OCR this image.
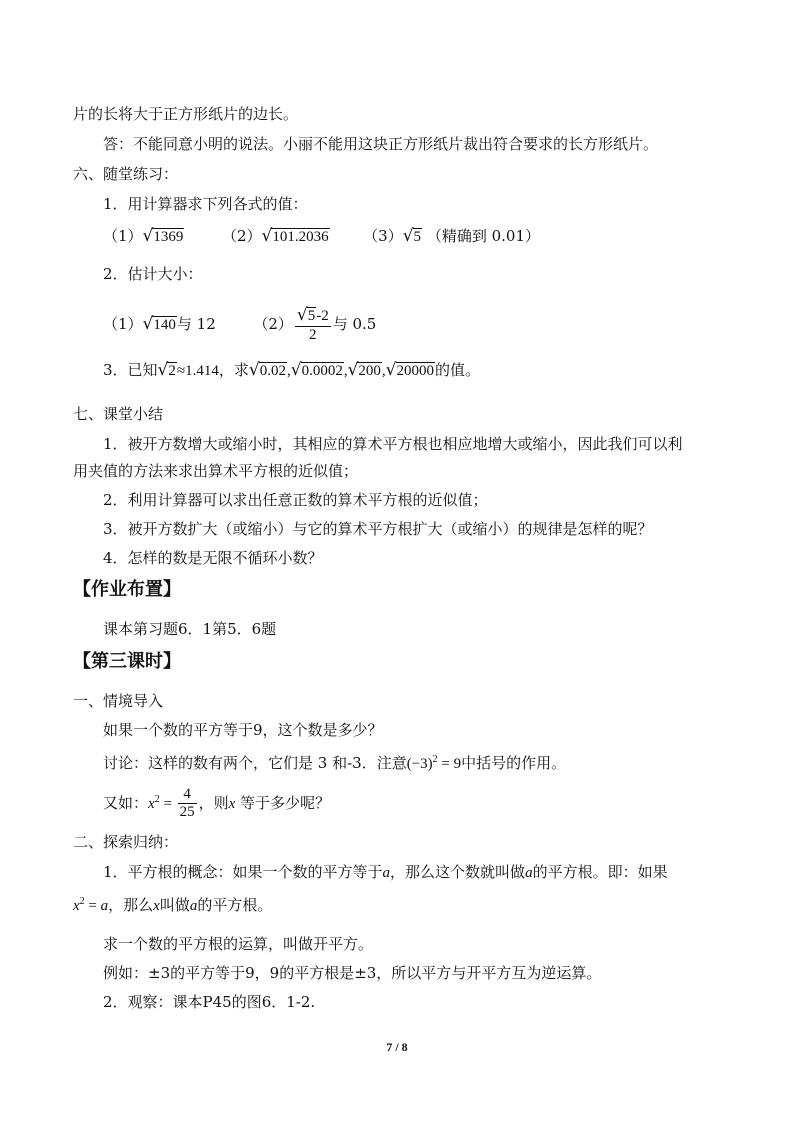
片的长将大于正方形纸片的边长。
答：不能同意小明的说法。小丽不能用这块正方形纸片裁出符合要求的长方形纸片。
六、随堂练习：
1．用计算器求下列各式的值：
（1）√1369	（2）√101.2036 （3）√5 （精确到 0.01）
2．估计大小：
（1）√140与 12	$(2) \frac{√5-2}{2}$ 与 0.5
3．已知√2≈1.414，求√0.02,√0.0002,√200,√20000的值。
七、课堂小结
1．被开方数增大或缩小时，其相应的算术平方根也相应地增大或缩小，因此我们可以利
用夹值的方法来求出算术平方根的近似值；
2．利用计算器可以求出任意正数的算术平方根的近似值；
3．被开方数扩大（或缩小）与它的算术平方根扩大（或缩小）的规律是怎样的呢？
4．怎样的数是无限不循环小数？
【作业布置】
课本第习题6．1第5．6题
【第三课时】
一、情境导入
如果一个数的平方等于9，这个数是多少？
讨论：这样的数有两个，它们是 3 和-3．注意$(-3)^2 = 9$中括号的作用。
又如：$x^2 = \frac{4}{25}$ ，则x 等于多少呢？
二、探索归纳：
1．平方根的概念：如果一个数的平方等于a，那么这个数就叫做a的平方根。即：如果
$x^2 = a$，那么x叫做a的平方根。
求一个数的平方根的运算，叫做开平方。
例如：±3的平方等于9，9的平方根是±3，所以平方与开平方互为逆运算。
2．观察：课本P45的图6．1-2.
7 / 8
